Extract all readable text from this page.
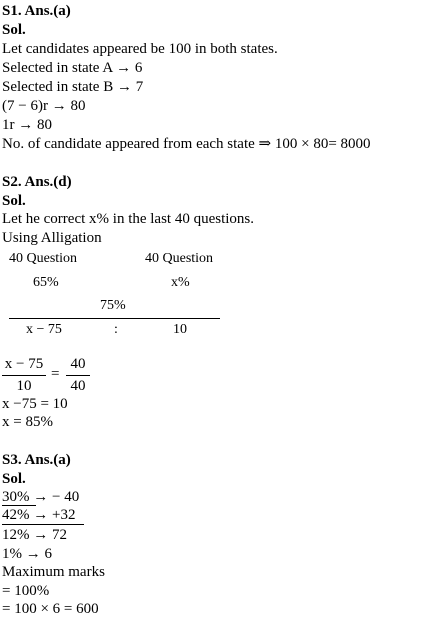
S1. Ans.(a)
Sol.
Let candidates appeared be 100 in both states.
Selected in state A → 6
Selected in state B → 7
(7 − 6)r → 80
1r → 80
No. of candidate appeared from each state ⇒ 100 × 80= 8000
S2. Ans.(d)
Sol.
Let he correct x% in the last 40 questions.
Using Alligation
40 Question	40 Question
65%	x%
75%
x − 75	:	10
x − 75
10
=
40
40
x −75 = 10
x = 85%
S3. Ans.(a)
Sol.
30% → − 40
42% → +32
12% → 72
1% → 6
Maximum marks
= 100%
= 100 × 6 = 600
